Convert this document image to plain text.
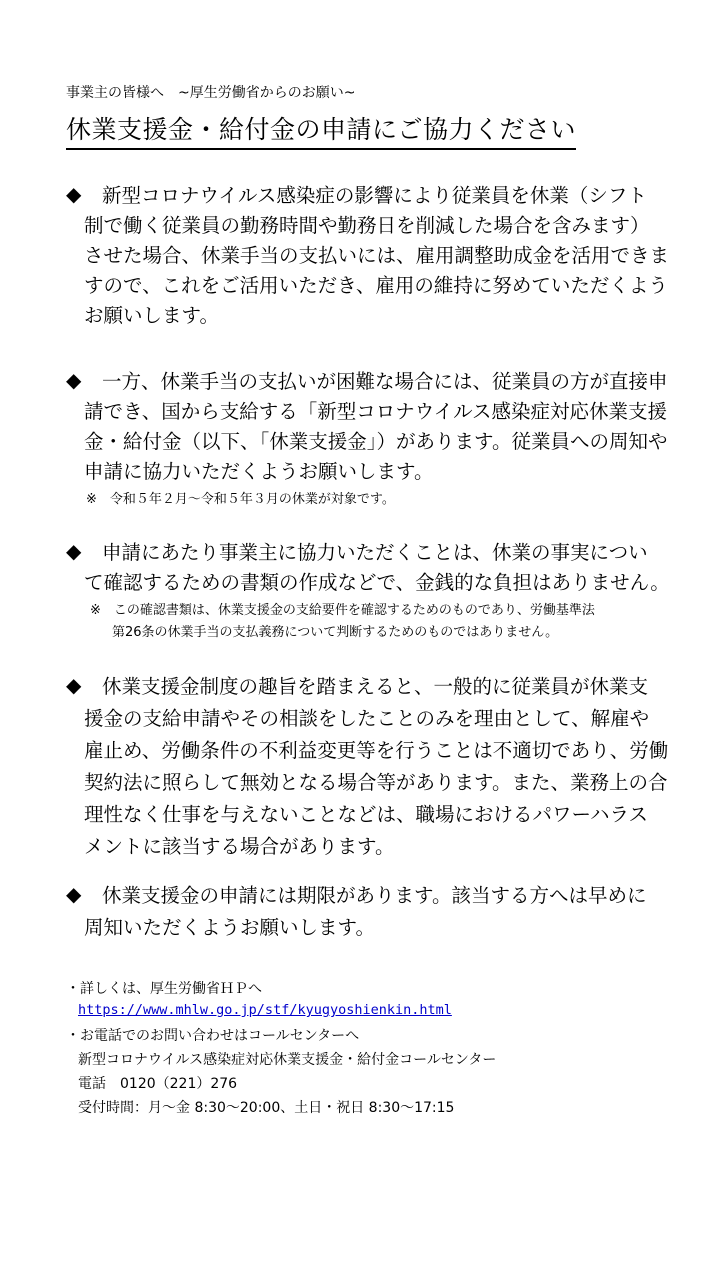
事業主の皆様へ　~厚生労働省からのお願い~
休業支援金・給付金の申請にご協力ください
◆ 新型コロナウイルス感染症の影響により従業員を休業（シフト
制で働く従業員の勤務時間や勤務日を削減した場合を含みます）
させた場合、休業手当の支払いには、雇用調整助成金を活用できま
すので、これをご活用いただき、雇用の維持に努めていただくよう
お願いします。
◆ 一方、休業手当の支払いが困難な場合には、従業員の方が直接申
請でき、国から支給する「新型コロナウイルス感染症対応休業支援
金・給付金（以下、「休業支援金」）があります。従業員への周知や
申請に協力いただくようお願いします。
※　令和５年２月～令和５年３月の休業が対象です。
◆ 申請にあたり事業主に協力いただくことは、休業の事実につい
て確認するための書類の作成などで、金銭的な負担はありません。
※　この確認書類は、休業支援金の支給要件を確認するためのものであり、労働基準法
第26条の休業手当の支払義務について判断するためのものではありません。
◆ 休業支援金制度の趣旨を踏まえると、一般的に従業員が休業支
援金の支給申請やその相談をしたことのみを理由として、解雇や
雇止め、労働条件の不利益変更等を行うことは不適切であり、労働
契約法に照らして無効となる場合等があります。また、業務上の合
理性なく仕事を与えないことなどは、職場におけるパワーハラス
メントに該当する場合があります。
◆ 休業支援金の申請には期限があります。該当する方へは早めに
周知いただくようお願いします。
・詳しくは、厚生労働省ＨＰへ
https://www.mhlw.go.jp/stf/kyugyoshienkin.html
・お電話でのお問い合わせはコールセンターへ
新型コロナウイルス感染症対応休業支援金・給付金コールセンター
電話　0120（221）276
受付時間：月～金 8:30～20:00、土日・祝日 8:30～17:15
